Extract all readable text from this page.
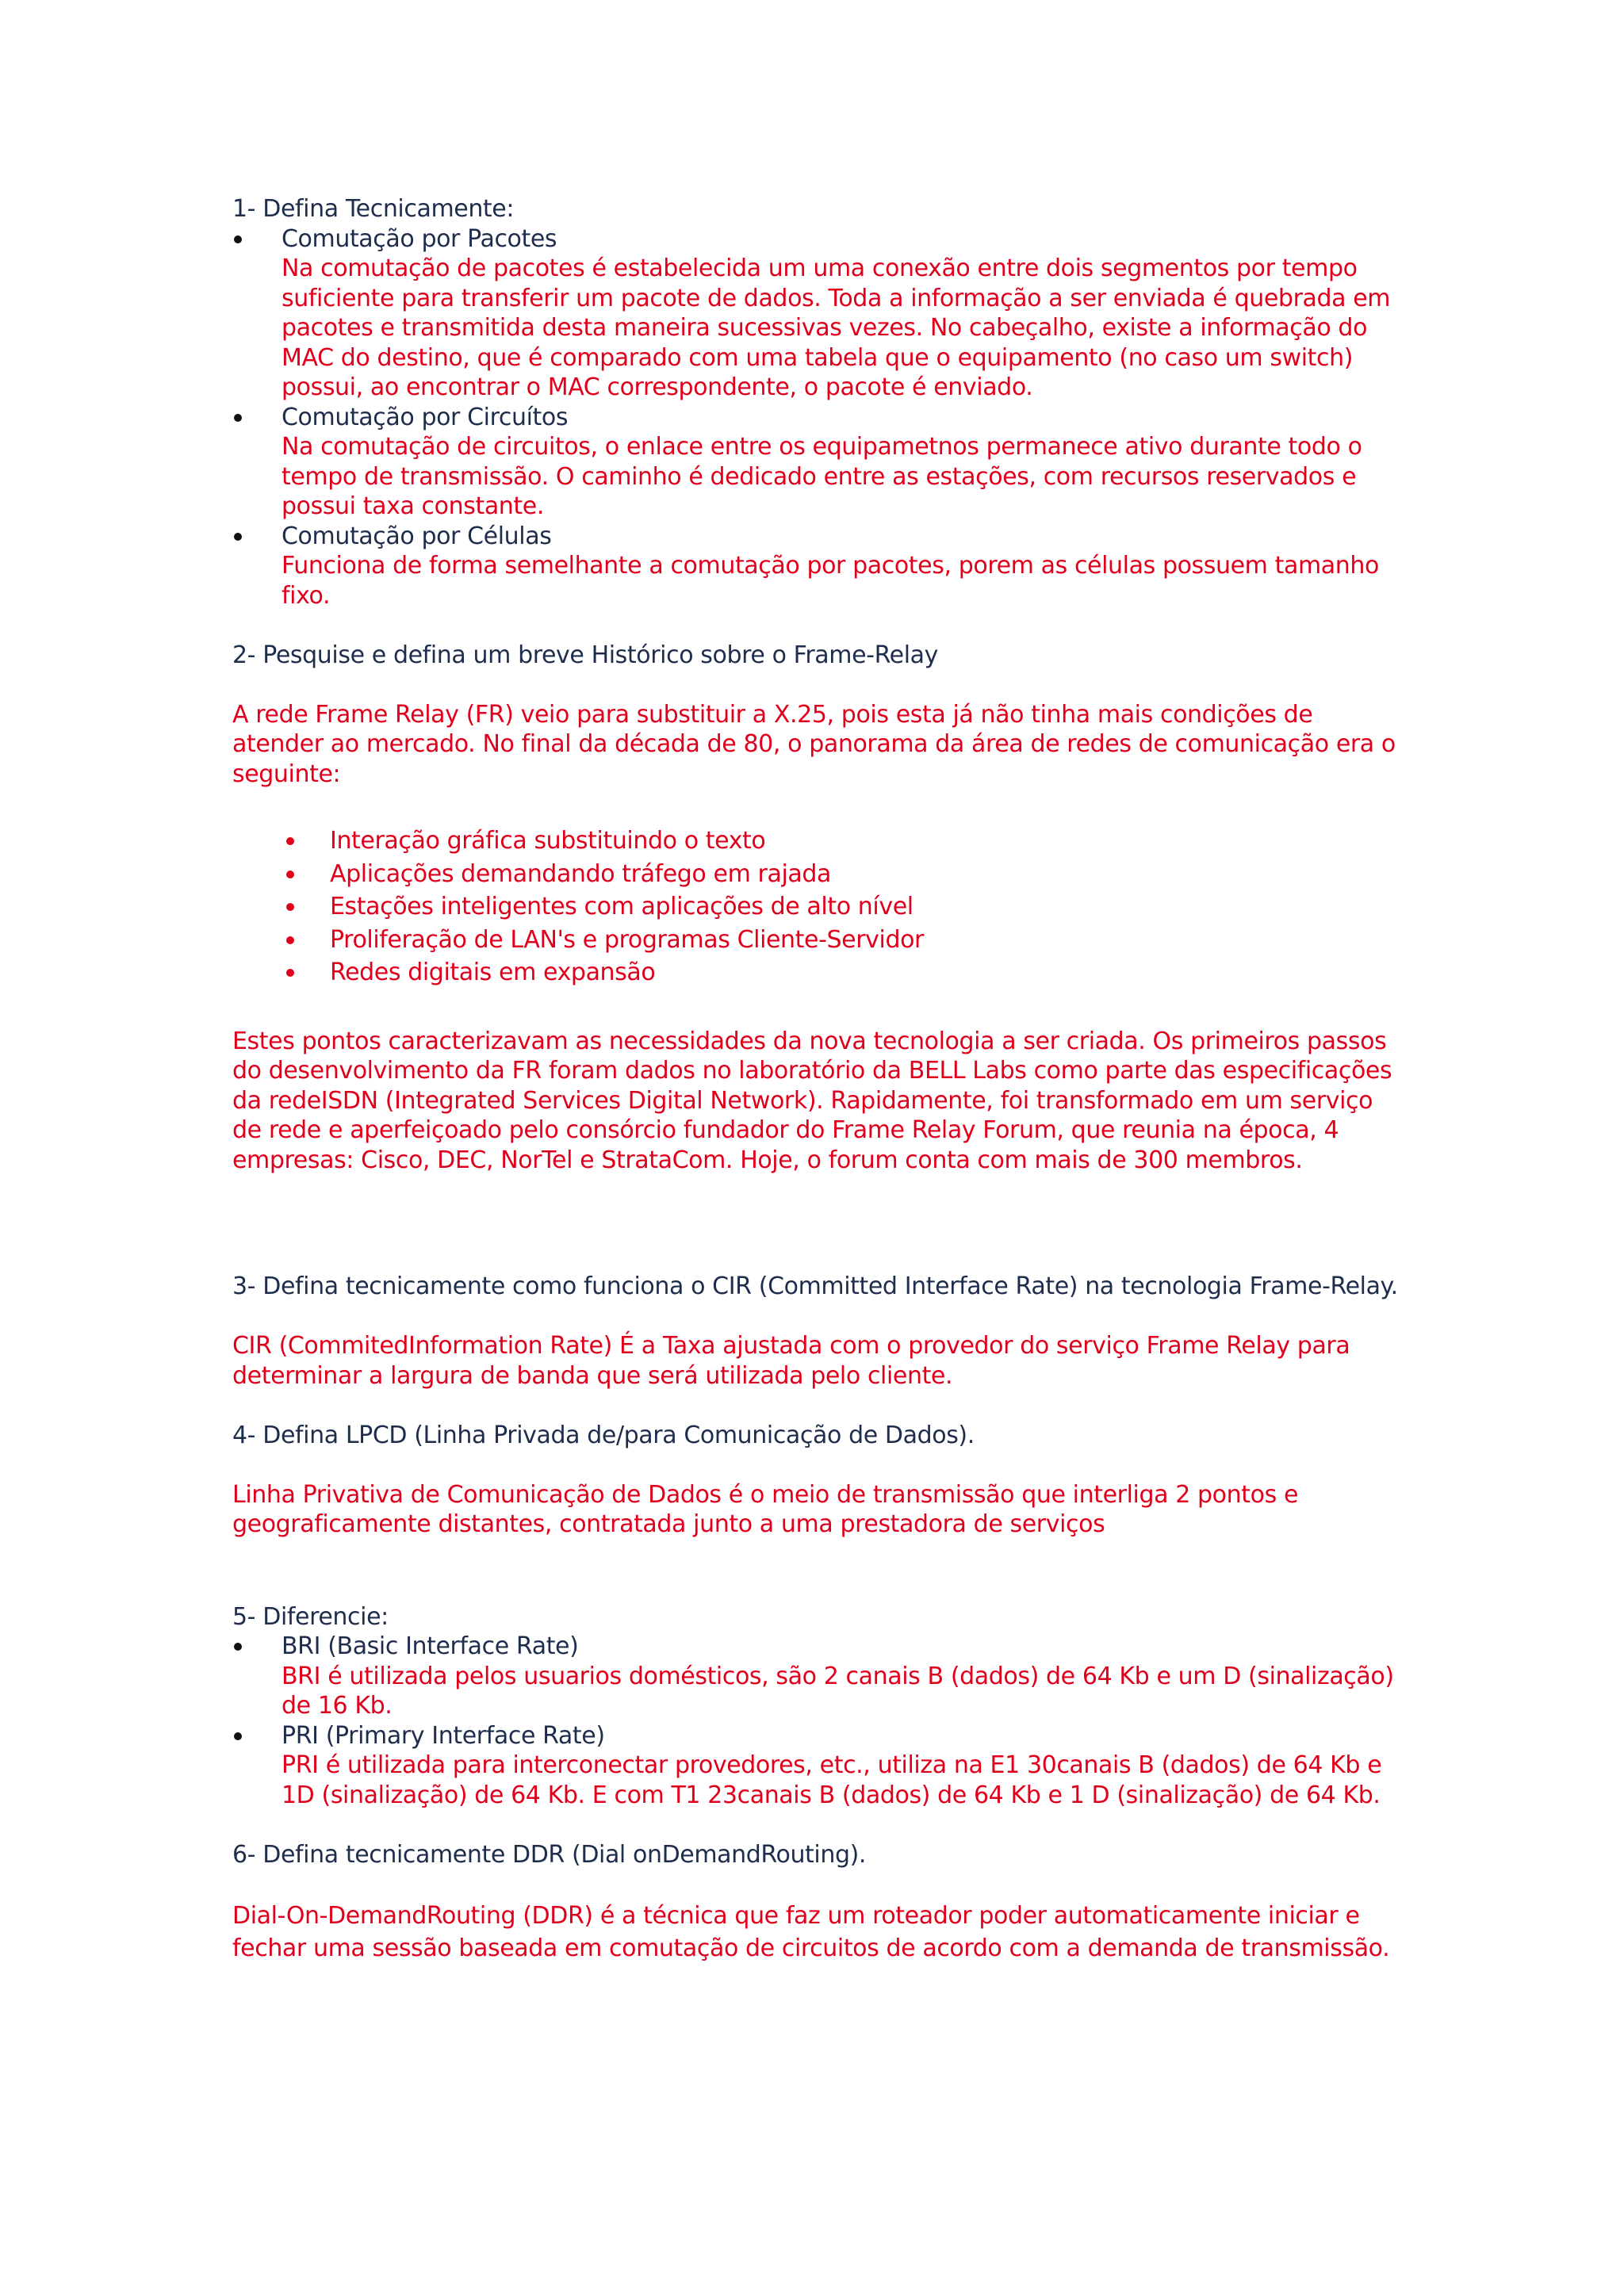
1- Defina Tecnicamente:

Comutação por Pacotes

Na comutação de pacotes é estabelecida um uma conexão entre dois segmentos por tempo suficiente para transferir um pacote de dados. Toda a informação a ser enviada é quebrada em pacotes e transmitida desta maneira sucessivas vezes. No cabeçalho, existe a informação do MAC do destino, que é comparado com uma tabela que o equipamento (no caso um switch) possui, ao encontrar o MAC correspondente, o pacote é enviado.

Comutação por Circuítos

Na comutação de circuitos, o enlace entre os equipametnos permanece ativo durante todo o tempo de transmissão. O caminho é dedicado entre as estações, com recursos reservados e possui taxa constante.

Comutação por Células

Funciona de forma semelhante a comutação por pacotes, porem as células possuem tamanho fixo.

2- Pesquise e defina um breve Histórico sobre o Frame-Relay

A rede Frame Relay (FR) veio para substituir a X.25, pois esta já não tinha mais condições de atender ao mercado. No final da década de 80, o panorama da área de redes de comunicação era o seguinte:

Interação gráfica substituindo o texto
Aplicações demandando tráfego em rajada
Estações inteligentes com aplicações de alto nível
Proliferação de LAN's e programas Cliente-Servidor
Redes digitais em expansão

Estes pontos caracterizavam as necessidades da nova tecnologia a ser criada. Os primeiros passos do desenvolvimento da FR foram dados no laboratório da BELL Labs como parte das especificações da redeISDN (Integrated Services Digital Network). Rapidamente, foi transformado em um serviço de rede e aperfeiçoado pelo consórcio fundador do Frame Relay Forum, que reunia na época, 4 empresas: Cisco, DEC, NorTel e StrataCom. Hoje, o forum conta com mais de 300 membros.

3- Defina tecnicamente como funciona o CIR (Committed Interface Rate) na tecnologia Frame-Relay.

CIR (CommitedInformation Rate) É a Taxa ajustada com o provedor do serviço Frame Relay para determinar a largura de banda que será utilizada pelo cliente.

4- Defina LPCD (Linha Privada de/para Comunicação de Dados).

Linha Privativa de Comunicação de Dados é o meio de transmissão que interliga 2 pontos e geograficamente distantes, contratada junto a uma prestadora de serviços

5- Diferencie:

BRI (Basic Interface Rate)

BRI é utilizada pelos usuarios domésticos, são 2 canais B (dados) de 64 Kb e um D (sinalização) de 16 Kb.

PRI (Primary Interface Rate)

PRI é utilizada para interconectar provedores, etc., utiliza na E1 30canais B (dados) de 64 Kb e 1D (sinalização) de 64 Kb. E com T1 23canais B (dados) de 64 Kb e 1 D (sinalização) de 64 Kb.

6- Defina tecnicamente DDR (Dial onDemandRouting).

Dial-On-DemandRouting (DDR) é a técnica que faz um roteador poder automaticamente iniciar e fechar uma sessão baseada em comutação de circuitos de acordo com a demanda de transmissão.
